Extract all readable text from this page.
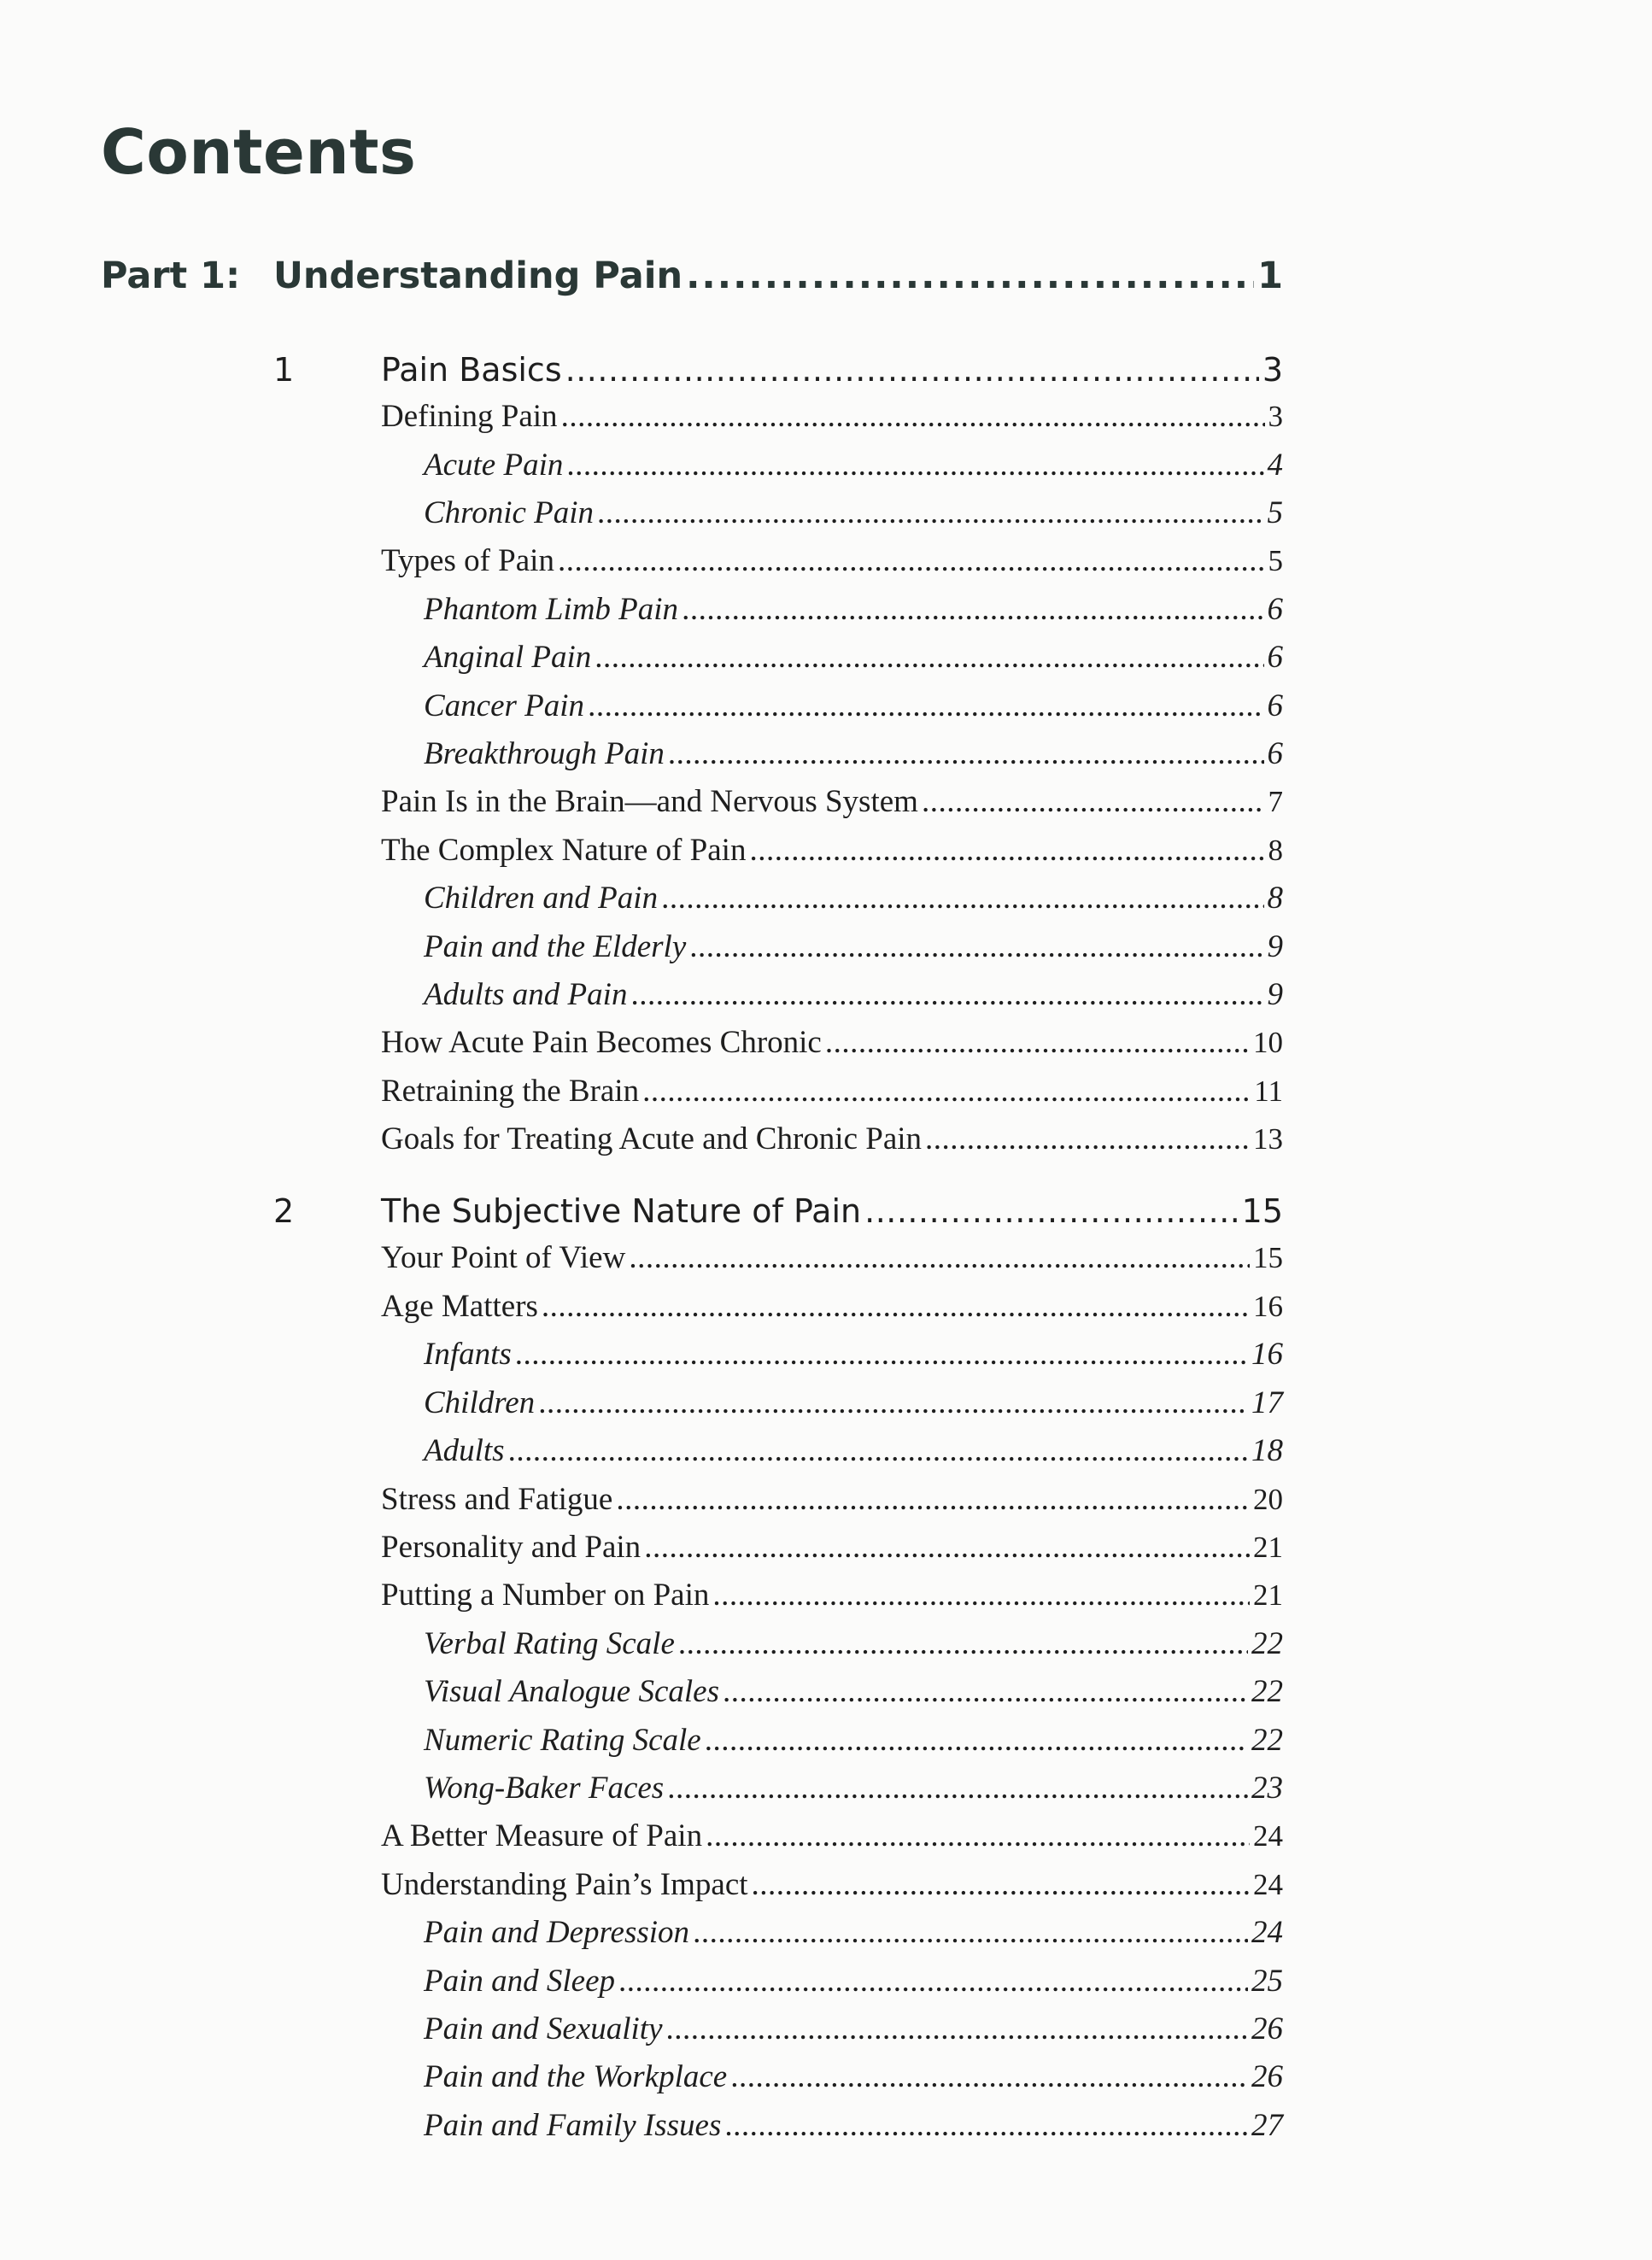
Contents
Part 1: Understanding Pain .....	1
1	Pain Basics .....	3
Defining Pain .....	3
Acute Pain .....	4
Chronic Pain .....	5
Types of Pain .....	5
Phantom Limb Pain .....	6
Anginal Pain .....	6
Cancer Pain .....	6
Breakthrough Pain .....	6
Pain Is in the Brain—and Nervous System .....	7
The Complex Nature of Pain .....	8
Children and Pain .....	8
Pain and the Elderly .....	9
Adults and Pain .....	9
How Acute Pain Becomes Chronic .....	10
Retraining the Brain .....	11
Goals for Treating Acute and Chronic Pain .....	13
2	The Subjective Nature of Pain .....	15
Your Point of View .....	15
Age Matters .....	16
Infants .....	16
Children .....	17
Adults .....	18
Stress and Fatigue .....	20
Personality and Pain .....	21
Putting a Number on Pain .....	21
Verbal Rating Scale .....	22
Visual Analogue Scales .....	22
Numeric Rating Scale .....	22
Wong-Baker Faces .....	23
A Better Measure of Pain .....	24
Understanding Pain’s Impact .....	24
Pain and Depression .....	24
Pain and Sleep .....	25
Pain and Sexuality .....	26
Pain and the Workplace .....	26
Pain and Family Issues .....	27
